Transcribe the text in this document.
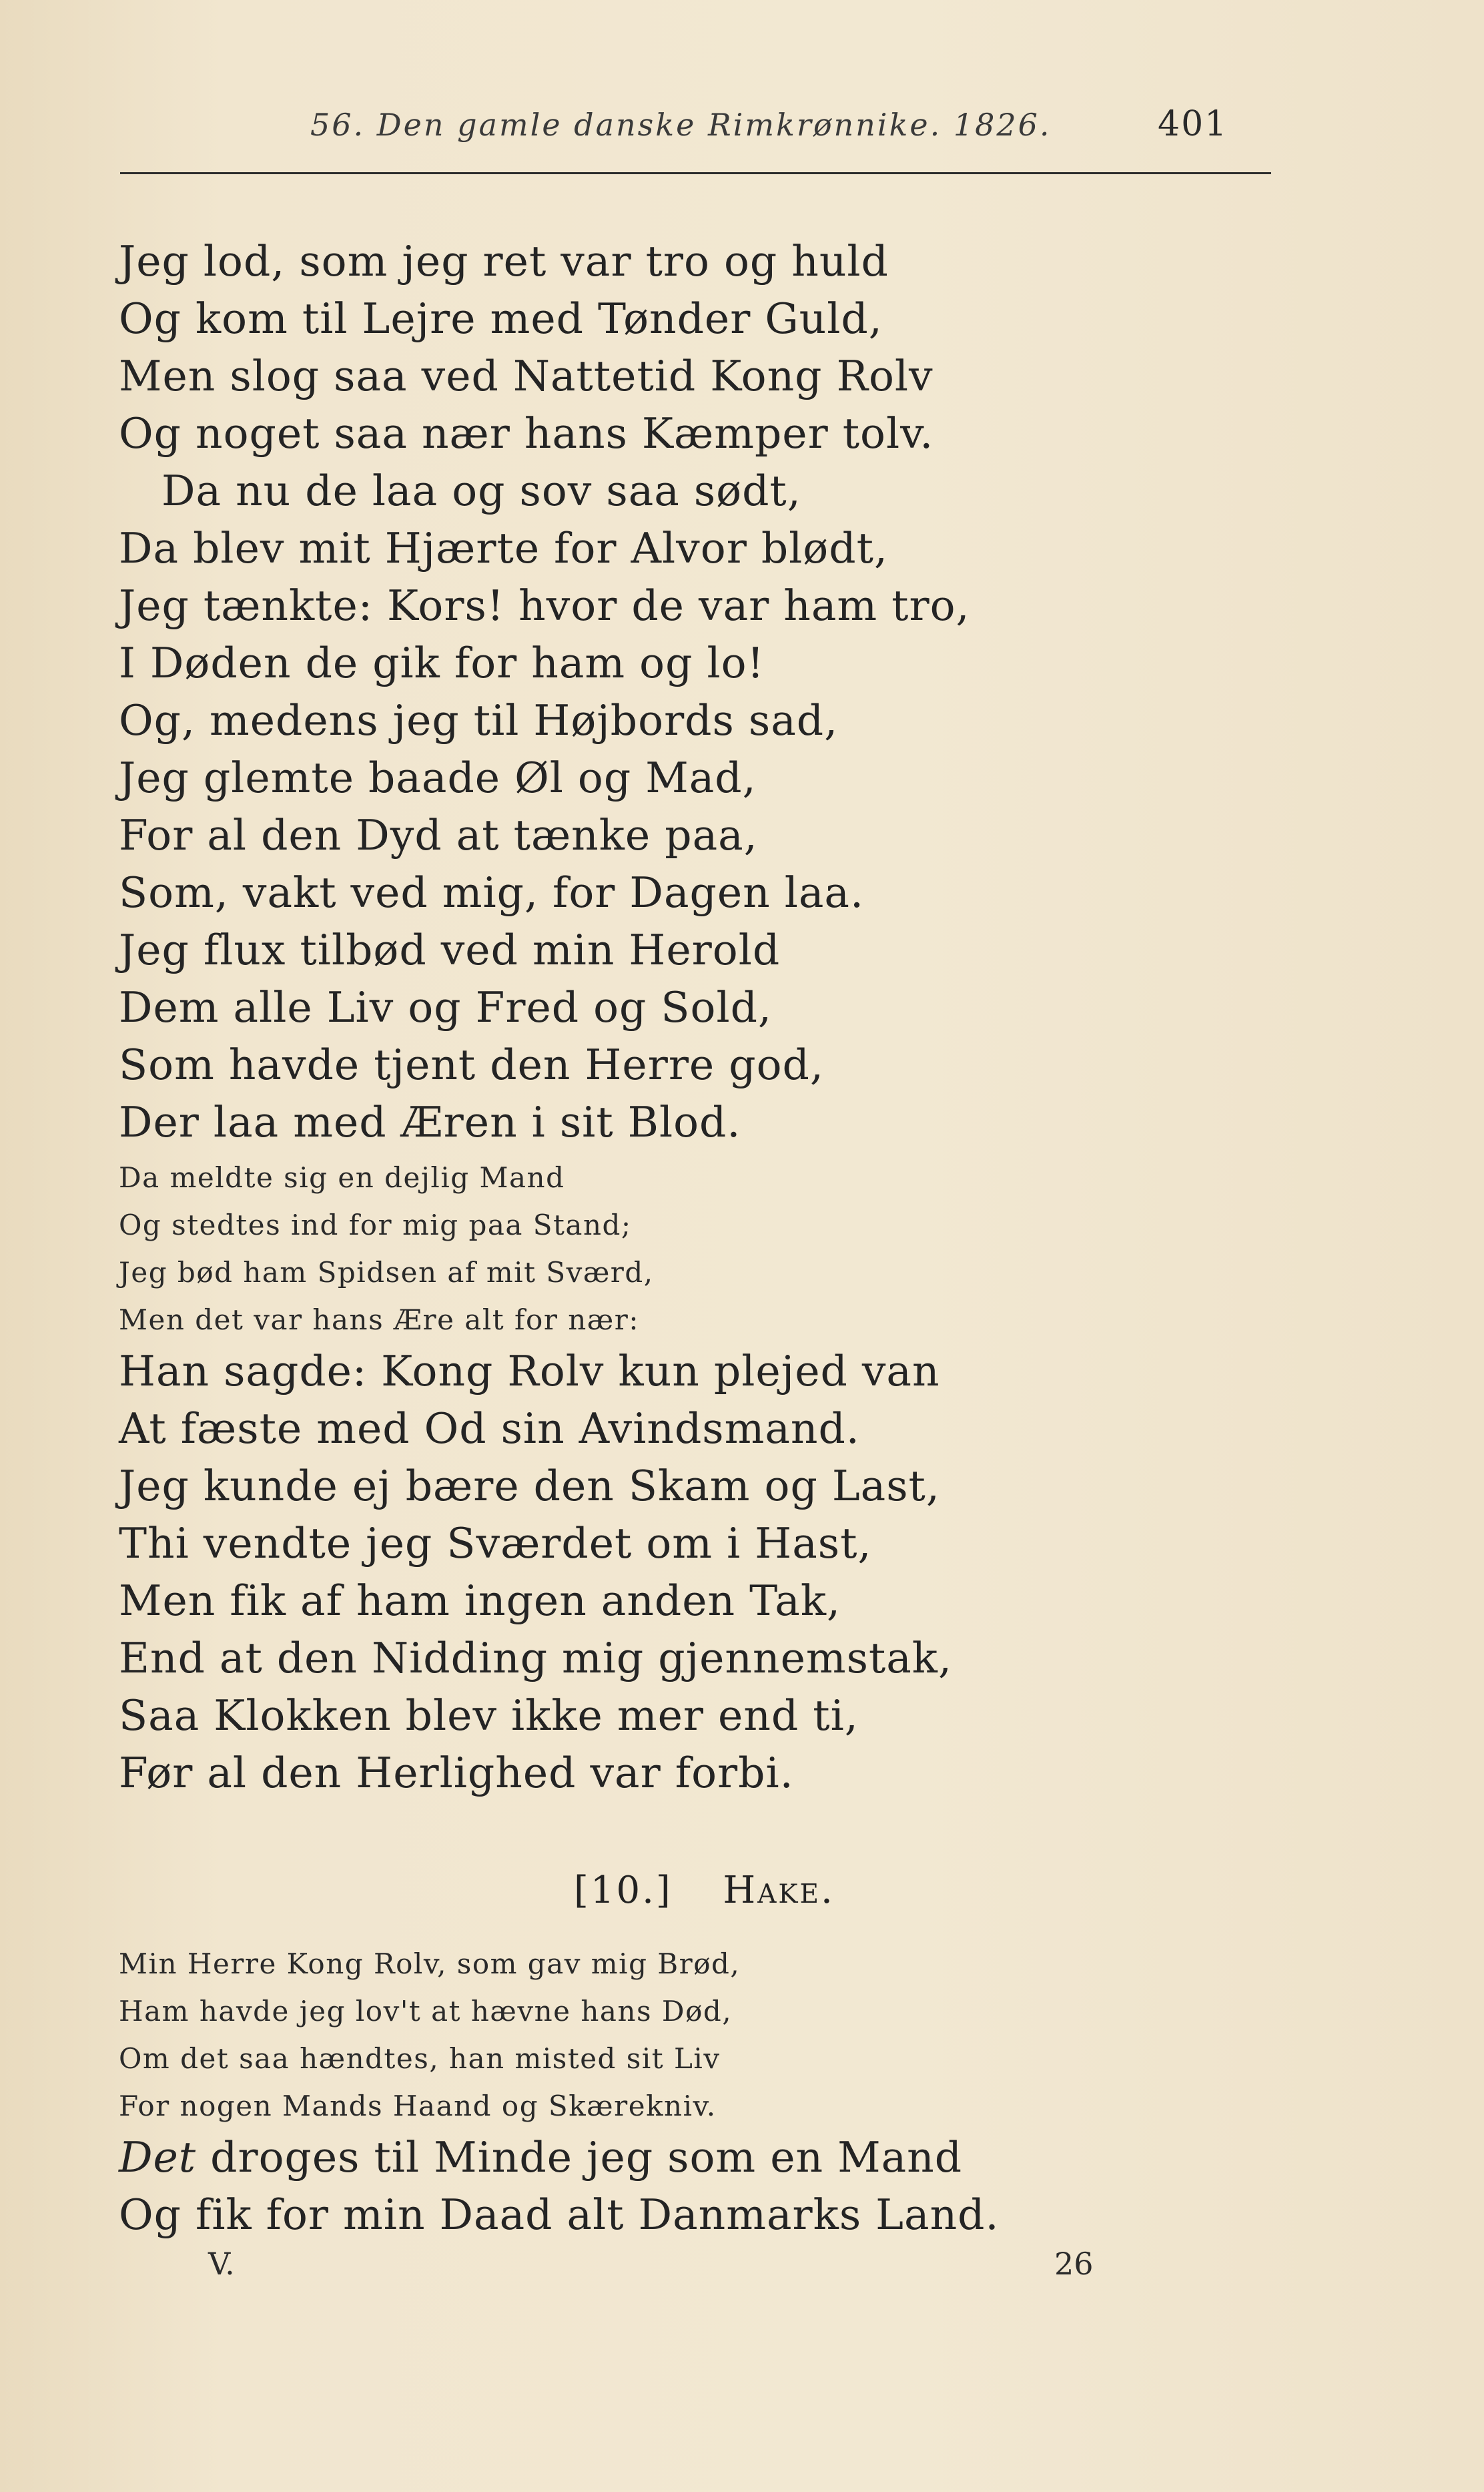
56. Den gamle danske Rimkrønnike. 1826.	401
Jeg lod, som jeg ret var tro og huld
Og kom til Lejre med Tønder Guld,
Men slog saa ved Nattetid Kong Rolv
Og noget saa nær hans Kæmper tolv.
Da nu de laa og sov saa sødt,
Da blev mit Hjærte for Alvor blødt,
Jeg tænkte: Kors! hvor de var ham tro,
I Døden de gik for ham og lo!
Og, medens jeg til Højbords sad,
Jeg glemte baade Øl og Mad,
For al den Dyd at tænke paa,
Som, vakt ved mig, for Dagen laa.
Jeg flux tilbød ved min Herold
Dem alle Liv og Fred og Sold,
Som havde tjent den Herre god,
Der laa med Æren i sit Blod.
Da meldte sig en dejlig Mand
Og stedtes ind for mig paa Stand;
Jeg bød ham Spidsen af mit Sværd,
Men det var hans Ære alt for nær:
Han sagde: Kong Rolv kun plejed van
At fæste med Od sin Avindsmand.
Jeg kunde ej bære den Skam og Last,
Thi vendte jeg Sværdet om i Hast,
Men fik af ham ingen anden Tak,
End at den Nidding mig gjennemstak,
Saa Klokken blev ikke mer end ti,
Før al den Herlighed var forbi.
[10.] Hake.
Min Herre Kong Rolv, som gav mig Brød,
Ham havde jeg lov't at hævne hans Død,
Om det saa hændtes, han misted sit Liv
For nogen Mands Haand og Skærekniv.
Det droges til Minde jeg som en Mand
Og fik for min Daad alt Danmarks Land.
V.	26
